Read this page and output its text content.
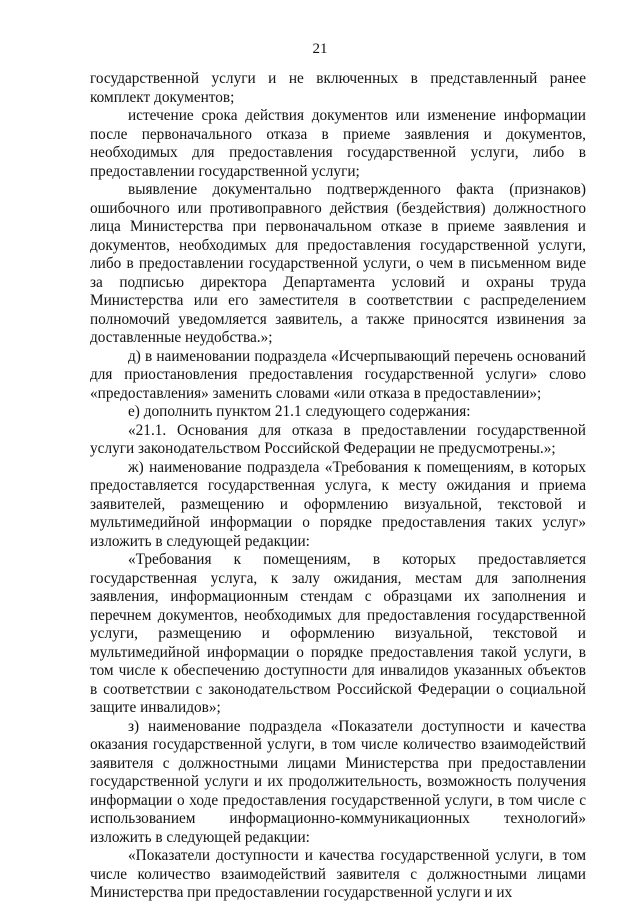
21

государственной услуги и не включенных в представленный ранее комплект документов;

истечение срока действия документов или изменение информации после первоначального отказа в приеме заявления и документов, необходимых для предоставления государственной услуги, либо в предоставлении государственной услуги;

выявление документально подтвержденного факта (признаков) ошибочного или противоправного действия (бездействия) должностного лица Министерства при первоначальном отказе в приеме заявления и документов, необходимых для предоставления государственной услуги, либо в предоставлении государственной услуги, о чем в письменном виде за подписью директора Департамента условий и охраны труда Министерства или его заместителя в соответствии с распределением полномочий уведомляется заявитель, а также приносятся извинения за доставленные неудобства.»;

д) в наименовании подраздела «Исчерпывающий перечень оснований для приостановления предоставления государственной услуги» слово «предоставления» заменить словами «или отказа в предоставлении»;

е) дополнить пунктом 21.1 следующего содержания:

«21.1. Основания для отказа в предоставлении государственной услуги законодательством Российской Федерации не предусмотрены.»;

ж) наименование подраздела «Требования к помещениям, в которых предоставляется государственная услуга, к месту ожидания и приема заявителей, размещению и оформлению визуальной, текстовой и мультимедийной информации о порядке предоставления таких услуг» изложить в следующей редакции:

«Требования к помещениям, в которых предоставляется государственная услуга, к залу ожидания, местам для заполнения заявления, информационным стендам с образцами их заполнения и перечнем документов, необходимых для предоставления государственной услуги, размещению и оформлению визуальной, текстовой и мультимедийной информации о порядке предоставления такой услуги, в том числе к обеспечению доступности для инвалидов указанных объектов в соответствии с законодательством Российской Федерации о социальной защите инвалидов»;

з) наименование подраздела «Показатели доступности и качества оказания государственной услуги, в том числе количество взаимодействий заявителя с должностными лицами Министерства при предоставлении государственной услуги и их продолжительность, возможность получения информации о ходе предоставления государственной услуги, в том числе с использованием информационно-коммуникационных технологий» изложить в следующей редакции:

«Показатели доступности и качества государственной услуги, в том числе количество взаимодействий заявителя с должностными лицами Министерства при предоставлении государственной услуги и их
